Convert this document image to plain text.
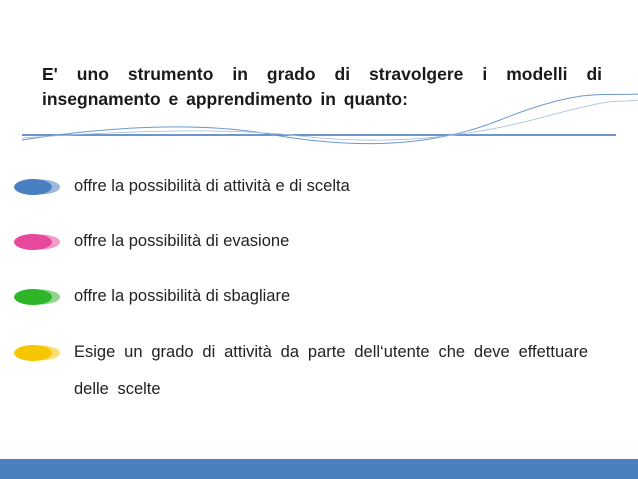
E' uno strumento in grado di stravolgere i modelli di insegnamento e apprendimento in quanto:
offre la possibilità di attività e di scelta
offre la possibilità di evasione
offre la possibilità di sbagliare
Esige un grado di attività da parte dell‘utente che deve effettuare delle scelte
